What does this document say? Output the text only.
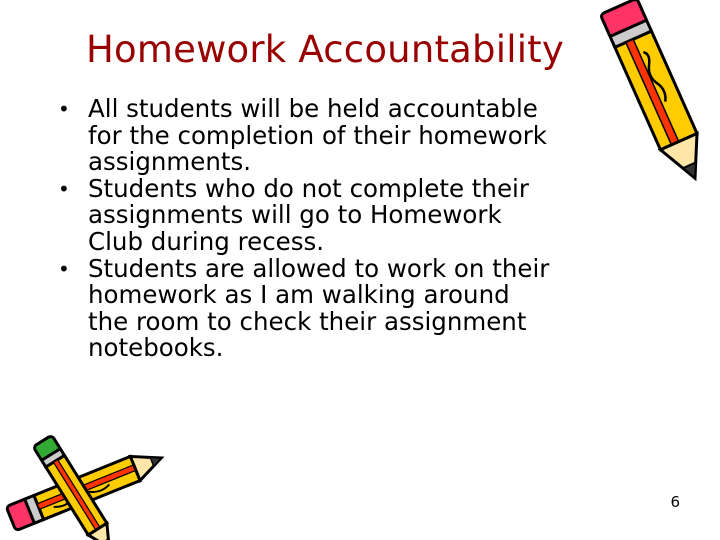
Homework Accountability
• All students will be held accountable
for the completion of their homework
assignments.
• Students who do not complete their
assignments will go to Homework
Club during recess.
• Students are allowed to work on their
homework as I am walking around
the room to check their assignment
notebooks.
6
